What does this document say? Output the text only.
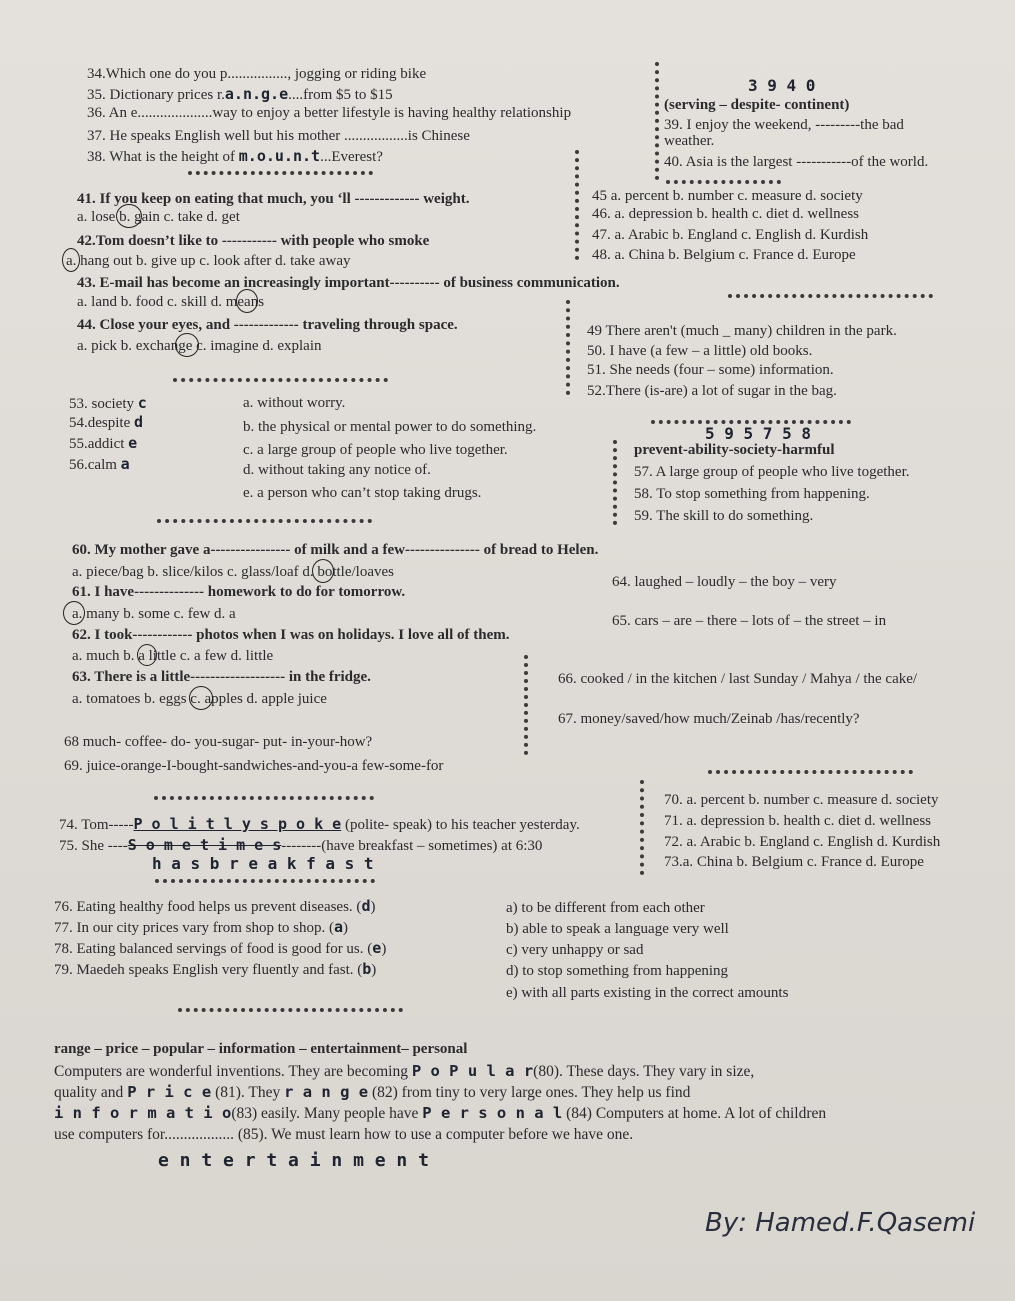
34.Which one do you p................, jogging or riding bike
35. Dictionary prices r.a.n.g.e....from $5 to $15
36. An e....................way to enjoy a better lifestyle is having healthy relationship
37. He speaks English well but his mother .................is Chinese
38. What is the height of m.o.u.n.t...Everest?
3 9 4 0
(serving – despite- continent)
39. I enjoy the weekend, ---------the bad
weather.
40. Asia is the largest -----------of the world.
41. If you keep on eating that much, you ‘ll ------------- weight.
a. lose b. gain c. take d. get
42.Tom doesn’t like to ----------- with people who smoke
a. hang out b. give up c. look after d. take away
43. E-mail has become an increasingly important---------- of business communication.
a. land b. food c. skill d. means
44. Close your eyes, and ------------- traveling through space.
a. pick b. exchange c. imagine d. explain
45 a. percent b. number c. measure d. society
46. a. depression b. health c. diet d. wellness
47. a. Arabic b. England c. English d. Kurdish
48. a. China b. Belgium c. France d. Europe
49 There aren't (much _ many) children in the park.
50. I have (a few – a little) old books.
51. She needs (four – some) information.
52.There (is-are) a lot of sugar in the bag.
53. society c
54.despite d
55.addict e
56.calm a
a. without worry.
b. the physical or mental power to do something.
c. a large group of people who live together.
d. without taking any notice of.
e. a person who can’t stop taking drugs.
5 9 5 7 5 8
prevent-ability-society-harmful
57. A large group of people who live together.
58. To stop something from happening.
59. The skill to do something.
60. My mother gave a---------------- of milk and a few--------------- of bread to Helen.
a. piece/bag b. slice/kilos c. glass/loaf d. bottle/loaves
61. I have-------------- homework to do for tomorrow.
a. many b. some c. few d. a
62. I took------------ photos when I was on holidays. I love all of them.
a. much b. a little c. a few d. little
63. There is a little------------------- in the fridge.
a. tomatoes b. eggs c. apples d. apple juice
64. laughed – loudly – the boy – very
65. cars – are – there – lots of – the street – in
66. cooked / in the kitchen / last Sunday / Mahya / the cake/
67. money/saved/how much/Zeinab /has/recently?
68 much- coffee- do- you-sugar- put- in-your-how?
69. juice-orange-I-bought-sandwiches-and-you-a few-some-for
70. a. percent b. number c. measure d. society
71. a. depression b. health c. diet d. wellness
72. a. Arabic b. England c. English d. Kurdish
73.a. China b. Belgium c. France d. Europe
74. Tom-----P o l i t l y s p o k e (polite- speak) to his teacher yesterday.
75. She ----S o m e t i m e s--------(have breakfast – sometimes) at 6:30
h a s b r e a k f a s t
76. Eating healthy food helps us prevent diseases. (d)
77. In our city prices vary from shop to shop. (a)
78. Eating balanced servings of food is good for us. (e)
79. Maedeh speaks English very fluently and fast. (b)
a) to be different from each other
b) able to speak a language very well
c) very unhappy or sad
d) to stop something from happening
e) with all parts existing in the correct amounts
range – price – popular – information – entertainment– personal
Computers are wonderful inventions. They are becoming P o P u l a r(80). These days. They vary in size,
quality and P r i c e (81). They r a n g e (82) from tiny to very large ones. They help us find
i n f o r m a t i o(83) easily. Many people have P e r s o n a l (84) Computers at home. A lot of children
use computers for.................. (85). We must learn how to use a computer before we have one.
e n t e r t a i n m e n t
By: Hamed.F.Qasemi
